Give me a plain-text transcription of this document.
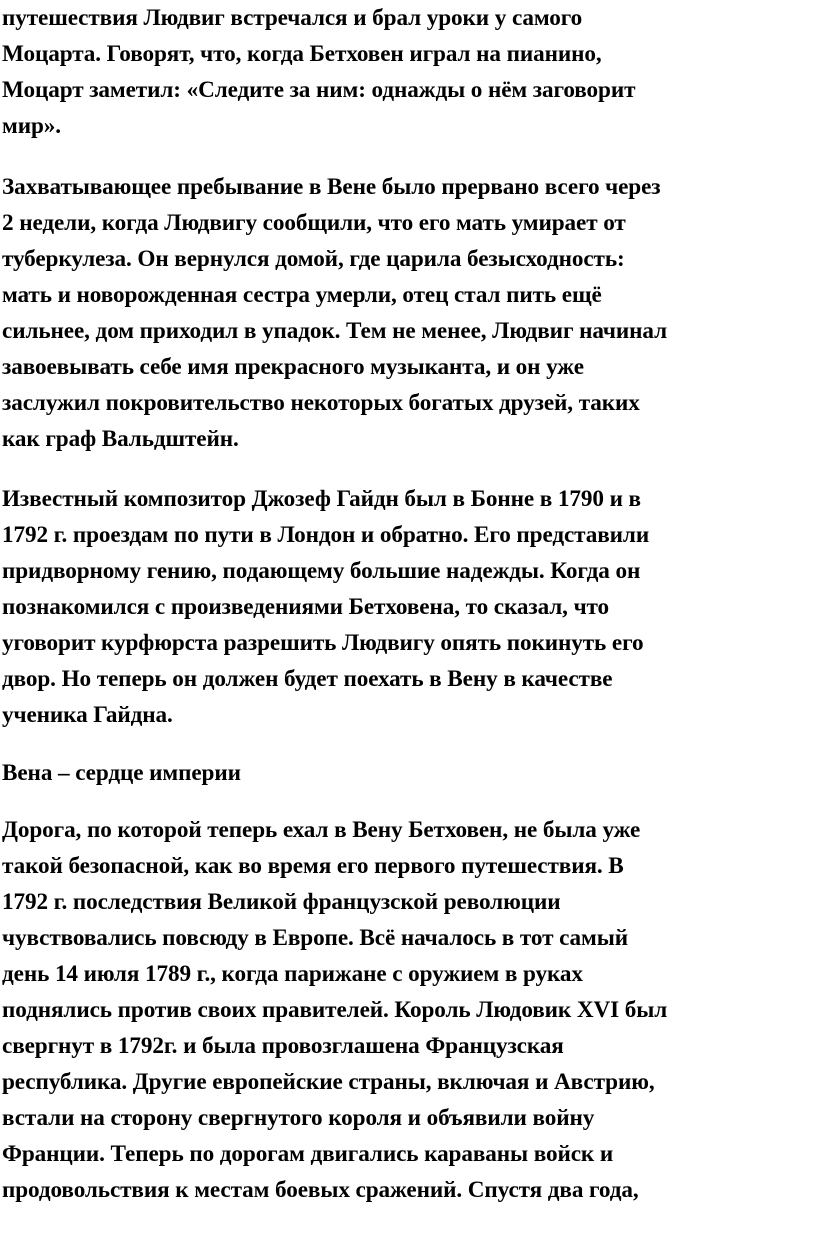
путешествия Людвиг встречался и брал уроки у самого
Моцарта. Говорят, что, когда Бетховен играл на пианино,
Моцарт заметил: «Следите за ним: однажды о нём заговорит
мир».
Захватывающее пребывание в Вене было прервано всего через
2 недели, когда Людвигу сообщили, что его мать умирает от
туберкулеза. Он вернулся домой, где царила безысходность:
мать и новорожденная сестра умерли, отец стал пить ещё
сильнее, дом приходил в упадок. Тем не менее, Людвиг начинал
завоевывать себе имя прекрасного музыканта, и он уже
заслужил покровительство некоторых богатых друзей, таких
как граф Вальдштейн.
Известный композитор Джозеф Гайдн был в Бонне в 1790 и в
1792 г. проездам по пути в Лондон и обратно. Его представили
придворному гению, подающему большие надежды. Когда он
познакомился с произведениями Бетховена, то сказал, что
уговорит курфюрста разрешить Людвигу опять покинуть его
двор. Но теперь он должен будет поехать в Вену в качестве
ученика Гайдна.
Вена – сердце империи
Дорога, по которой теперь ехал в Вену Бетховен, не была уже
такой безопасной, как во время его первого путешествия. В
1792 г. последствия Великой французской революции
чувствовались повсюду в Европе. Всё началось в тот самый
день 14 июля 1789 г., когда парижане с оружием в руках
поднялись против своих правителей. Король Людовик XVI был
свергнут в 1792г. и была провозглашена Французская
республика. Другие европейские страны, включая и Австрию,
встали на сторону свергнутого короля и объявили войну
Франции. Теперь по дорогам двигались караваны войск и
продовольствия к местам боевых сражений. Спустя два года,
